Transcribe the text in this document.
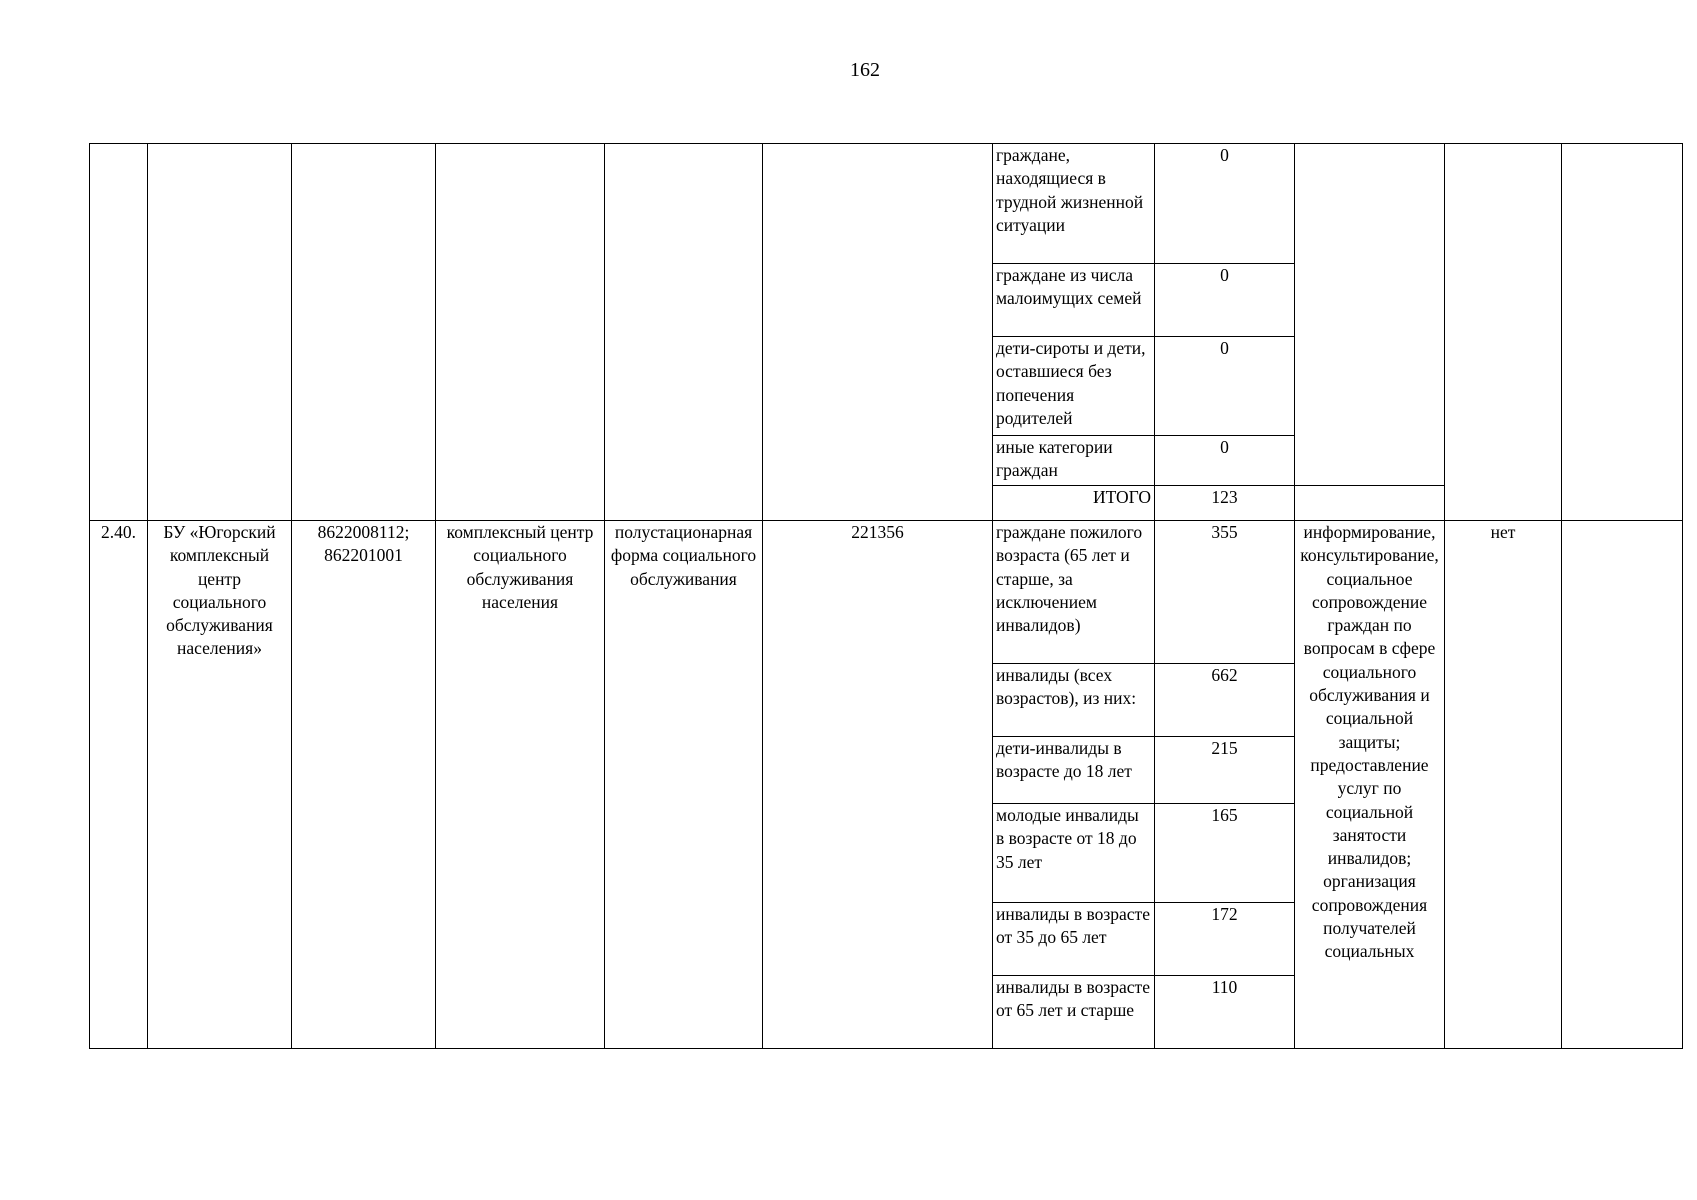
162
						граждане, находящиеся в трудной жизненной ситуации	0			
						граждане из числа малоимущих семей	0			
						дети-сироты и дети, оставшиеся без попечения родителей	0			
						иные категории граждан	0			
						ИТОГО	123			
2.40.	БУ «Югорский комплексный центр социального обслуживания населения»	8622008112; 862201001	комплексный центр социального обслуживания населения	полустационарная форма социального обслуживания	221356	граждане пожилого возраста (65 лет и старше, за исключением инвалидов)	355	информирование, консультирование, социальное сопровождение граждан по вопросам в сфере социального обслуживания и социальной защиты; предоставление услуг по социальной занятости инвалидов; организация сопровождения получателей социальных	нет	
						инвалиды (всех возрастов), из них:	662			
						дети-инвалиды в возрасте до 18 лет	215			
						молодые инвалиды в возрасте от 18 до 35 лет	165			
						инвалиды в возрасте от 35 до 65 лет	172			
						инвалиды в возрасте от 65 лет и старше	110			
